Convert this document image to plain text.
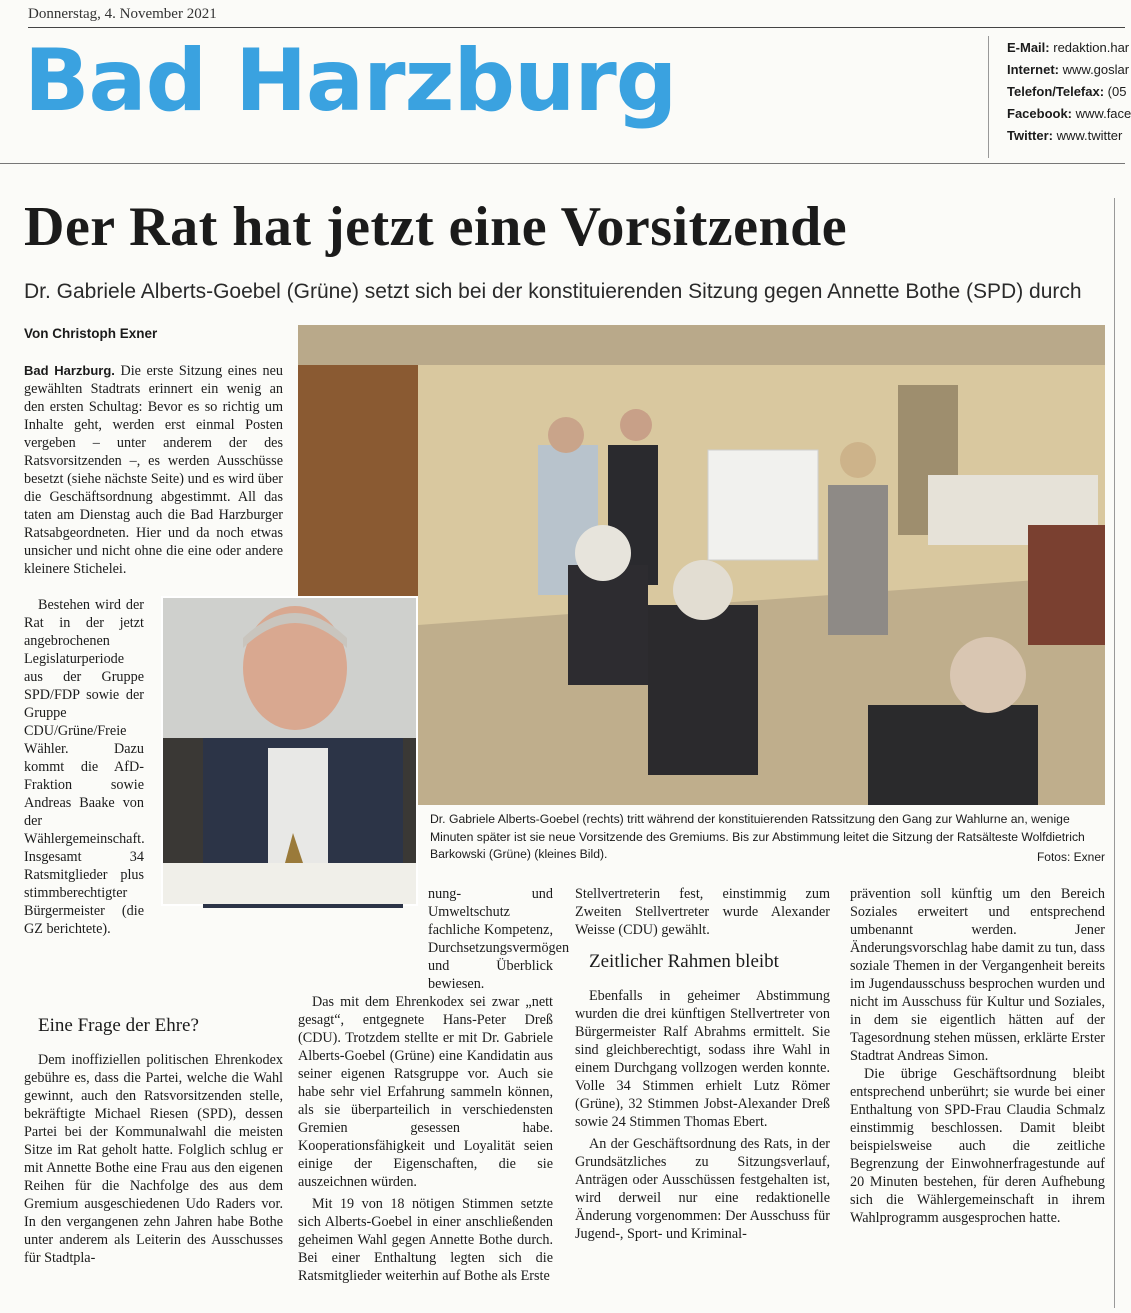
Donnerstag, 4. November 2021
Bad Harzburg	E-Mail: redaktion.har
Internet: www.goslar
Telefon/Telefax: (05
Facebook: www.face
Twitter: www.twitter
Der Rat hat jetzt eine Vorsitzende
Dr. Gabriele Alberts-Goebel (Grüne) setzt sich bei der konstituierenden Sitzung gegen Annette Bothe (SPD) durch
Von Christoph Exner

Bad Harzburg. Die erste Sitzung eines neu gewählten Stadtrats erinnert ein wenig an den ersten Schultag: Bevor es so richtig um Inhalte geht, werden erst einmal Posten vergeben – unter anderem der des Ratsvorsitzenden –, es werden Ausschüsse besetzt (siehe nächste Seite) und es wird über die Geschäftsordnung abgestimmt. All das taten am Dienstag auch die Bad Harzburger Ratsabgeordneten. Hier und da noch etwas unsicher und nicht ohne die eine oder andere kleinere Sticheleі.

Bestehen wird der Rat in der jetzt angebrochenen Legislaturperiode aus der Gruppe SPD/FDP sowie der Gruppe CDU/Grüne/Freie Wähler. Dazu kommt die AfD-Fraktion sowie Andreas Baake von der Wählergemeinschaft. Insgesamt 34 Ratsmitglieder plus stimmberechtigter Bürgermeister (die GZ berichtete).

Eine Frage der Ehre?

Dem inoffiziellen politischen Ehrenkodex gebühre es, dass die Partei, welche die Wahl gewinnt, auch den Ratsvorsitzenden stelle, bekräftigte Michael Riesen (SPD), dessen Partei bei der Kommunalwahl die meisten Sitze im Rat geholt hatte. Folglich schlug er mit Annette Bothe eine Frau aus den eigenen Reihen für die Nachfolge des aus dem Gremium ausgeschiedenen Udo Raders vor. In den vergangenen zehn Jahren habe Bothe unter anderem als Leiterin des Ausschusses für Stadtpla-

Dr. Gabriele Alberts-Goebel (rechts) tritt während der konstituierenden Ratssitzung den Gang zur Wahlurne an, wenige Minuten später ist sie neue Vorsitzende des Gremiums. Bis zur Abstimmung leitet die Sitzung der Ratsälteste Wolfdietrich Barkowski (Grüne) (kleines Bild).	Fotos: Exner

nung- und Umweltschutz fachliche Kompetenz, Durchsetzungsvermögen und Überblick bewiesen.

Das mit dem Ehrenkodex sei zwar „nett gesagt“, entgegnete Hans-Peter Dreß (CDU). Trotzdem stellte er mit Dr. Gabriele Alberts-Goebel (Grüne) eine Kandidatin aus seiner eigenen Ratsgruppe vor. Auch sie habe sehr viel Erfahrung sammeln können, als sie überparteilich in verschiedensten Gremien gesessen habe. Kooperationsfähigkeit und Loyalität seien einige der Eigenschaften, die sie auszeichnen würden.

Mit 19 von 18 nötigen Stimmen setzte sich Alberts-Goebel in einer anschließenden geheimen Wahl gegen Annette Bothe durch. Bei einer Enthaltung legten sich die Ratsmitglieder weiterhin auf Bothe als Erste

Stellvertreterin fest, einstimmig zum Zweiten Stellvertreter wurde Alexander Weisse (CDU) gewählt.

Zeitlicher Rahmen bleibt

Ebenfalls in geheimer Abstimmung wurden die drei künftigen Stellvertreter von Bürgermeister Ralf Abrahms ermittelt. Sie sind gleichberechtigt, sodass ihre Wahl in einem Durchgang vollzogen werden konnte. Volle 34 Stimmen erhielt Lutz Römer (Grüne), 32 Stimmen Jobst-Alexander Dreß sowie 24 Stimmen Thomas Ebert.

An der Geschäftsordnung des Rats, in der Grundsätzliches zu Sitzungsverlauf, Anträgen oder Ausschüssen festgehalten ist, wird derweil nur eine redaktionelle Änderung vorgenommen: Der Ausschuss für Jugend-, Sport- und Kriminal-

prävention soll künftig um den Bereich Soziales erweitert und entsprechend umbenannt werden. Jener Änderungsvorschlag habe damit zu tun, dass soziale Themen in der Vergangenheit bereits im Jugendausschuss besprochen wurden und nicht im Ausschuss für Kultur und Soziales, in dem sie eigentlich hätten auf der Tagesordnung stehen müssen, erklärte Erster Stadtrat Andreas Simon.

Die übrige Geschäftsordnung bleibt entsprechend unberührt; sie wurde bei einer Enthaltung von SPD-Frau Claudia Schmalz einstimmig beschlossen. Damit bleibt beispielsweise auch die zeitliche Begrenzung der Einwohnerfragestunde auf 20 Minuten bestehen, für deren Aufhebung sich die Wählergemeinschaft in ihrem Wahlprogramm ausgesprochen hatte.
